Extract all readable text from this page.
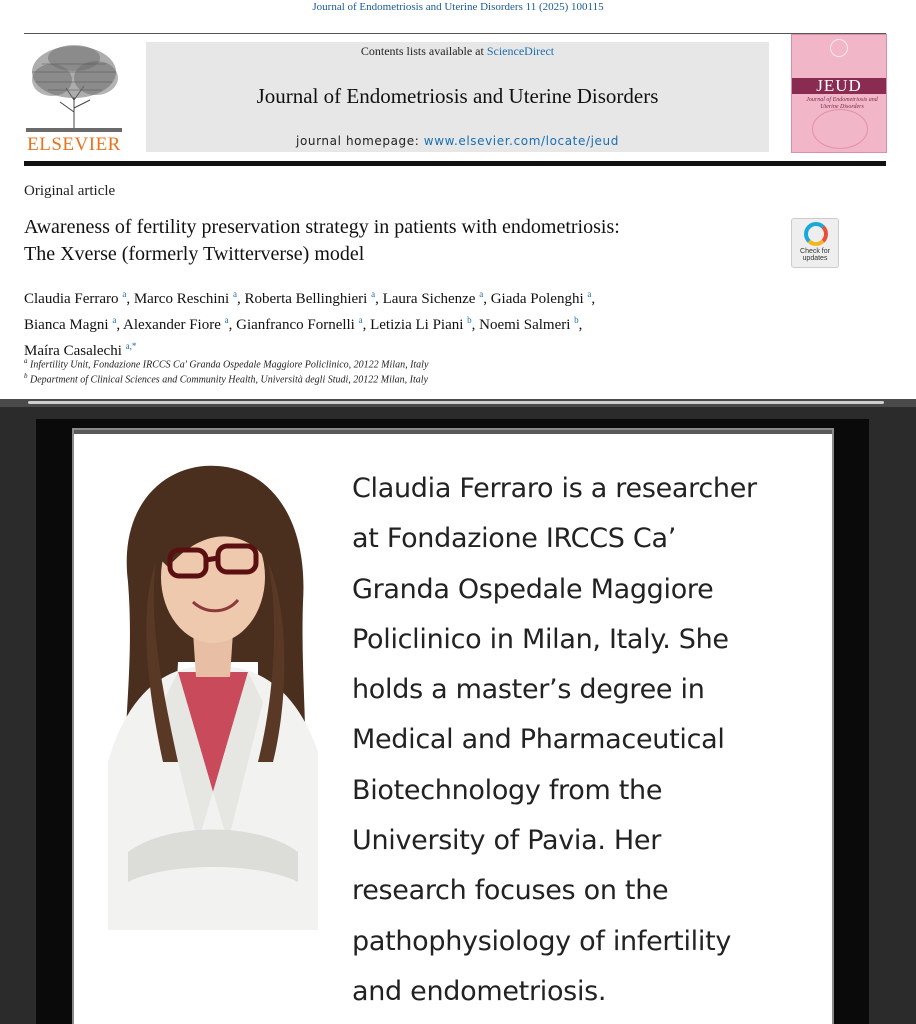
Journal of Endometriosis and Uterine Disorders 11 (2025) 100115
ELSEVIER
Contents lists available at ScienceDirect
Journal of Endometriosis and Uterine Disorders
journal homepage: www.elsevier.com/locate/jeud
JEUD
Journal of Endometriosis and Uterine Disorders
Original article
Awareness of fertility preservation strategy in patients with endometriosis:
The Xverse (formerly Twitterverse) model	Check for updates
Claudia Ferraro $^a$, Marco Reschini $^a$, Roberta Bellinghieri $^a$, Laura Sichenze $^a$, Giada Polenghi $^a$,
Bianca Magni $^a$, Alexander Fiore $^a$, Gianfranco Fornelli $^a$, Letizia Li Piani $^b$, Noemi Salmeri $^b$,
Maíra Casalechi $^{a,*}$
$^a$ Infertility Unit, Fondazione IRCCS Ca' Granda Ospedale Maggiore Policlinico, 20122 Milan, Italy
$^b$ Department of Clinical Sciences and Community Health, Università degli Studi, 20122 Milan, Italy
Claudia Ferraro is a researcher
at Fondazione IRCCS Ca’
Granda Ospedale Maggiore
Policlinico in Milan, Italy. She
holds a master’s degree in
Medical and Pharmaceutical
Biotechnology from the
University of Pavia. Her
research focuses on the
pathophysiology of infertility
and endometriosis.
